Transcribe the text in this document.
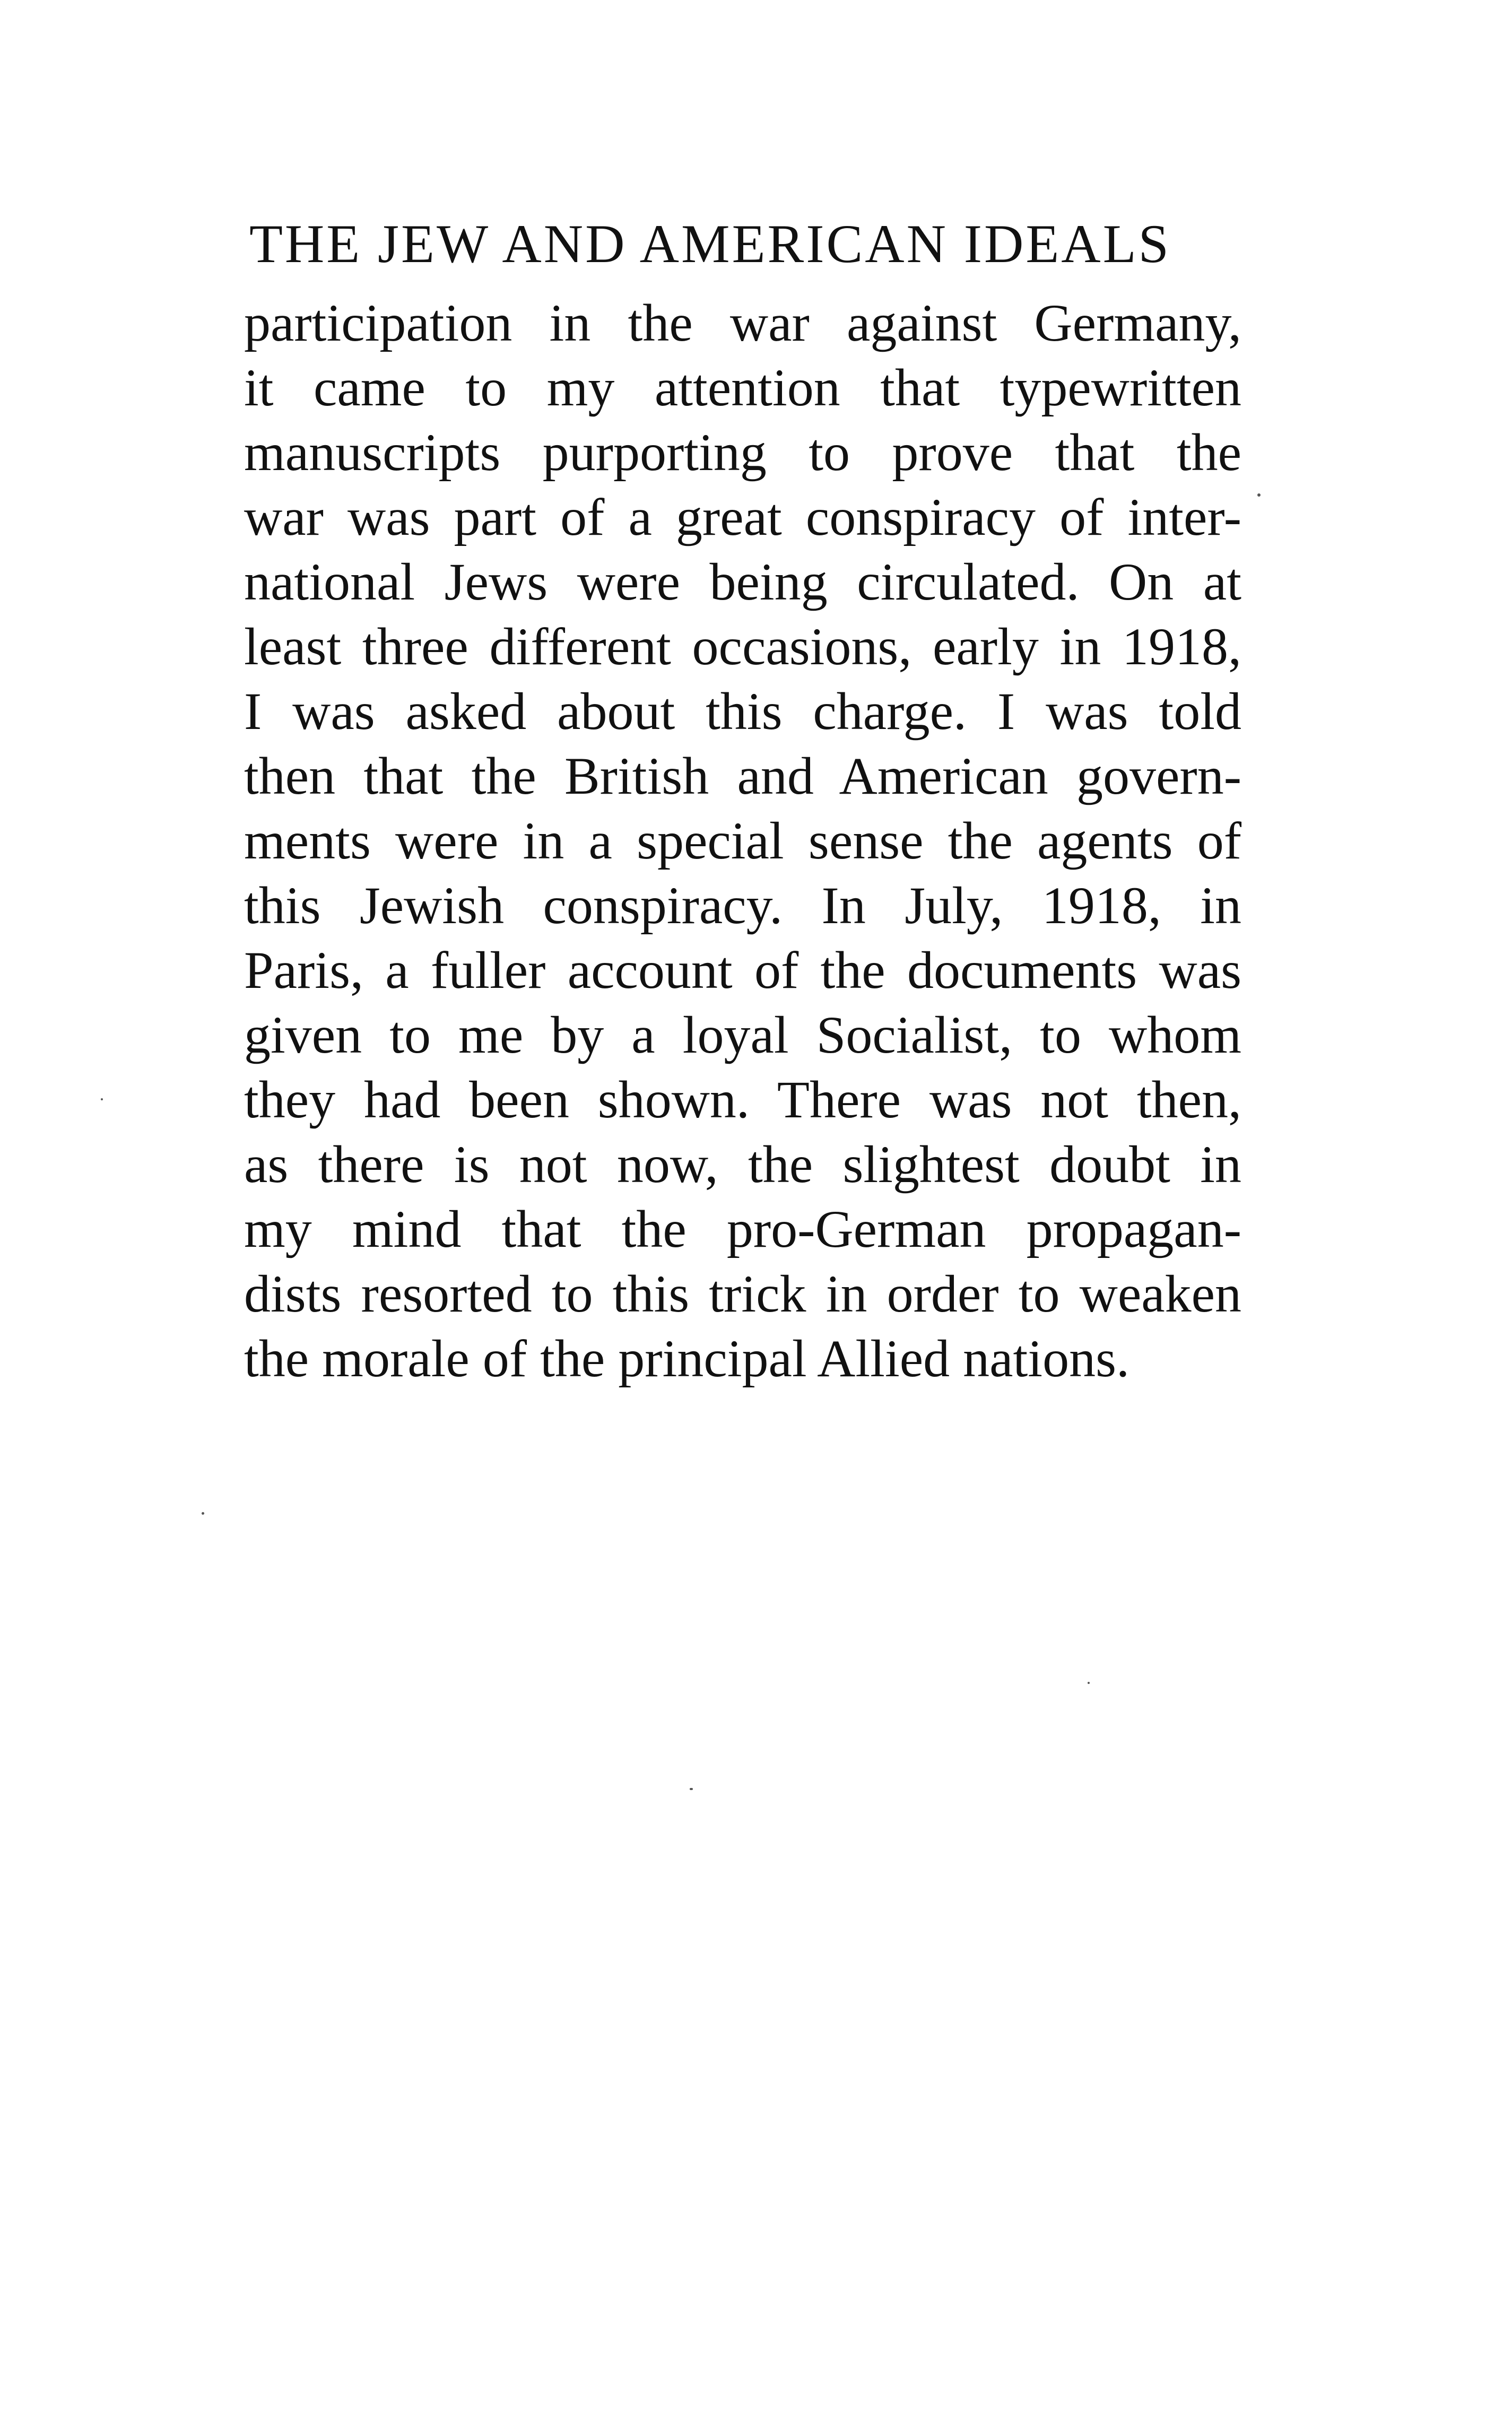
THE JEW AND AMERICAN IDEALS
participation in the war against Germany,
it came to my attention that typewritten
manuscripts purporting to prove that the
war was part of a great conspiracy of inter-
national Jews were being circulated. On at
least three different occasions, early in 1918,
I was asked about this charge. I was told
then that the British and American govern-
ments were in a special sense the agents of
this Jewish conspiracy. In July, 1918, in
Paris, a fuller account of the documents was
given to me by a loyal Socialist, to whom
they had been shown. There was not then,
as there is not now, the slightest doubt in
my mind that the pro-German propagan-
dists resorted to this trick in order to weaken
the morale of the principal Allied nations.
